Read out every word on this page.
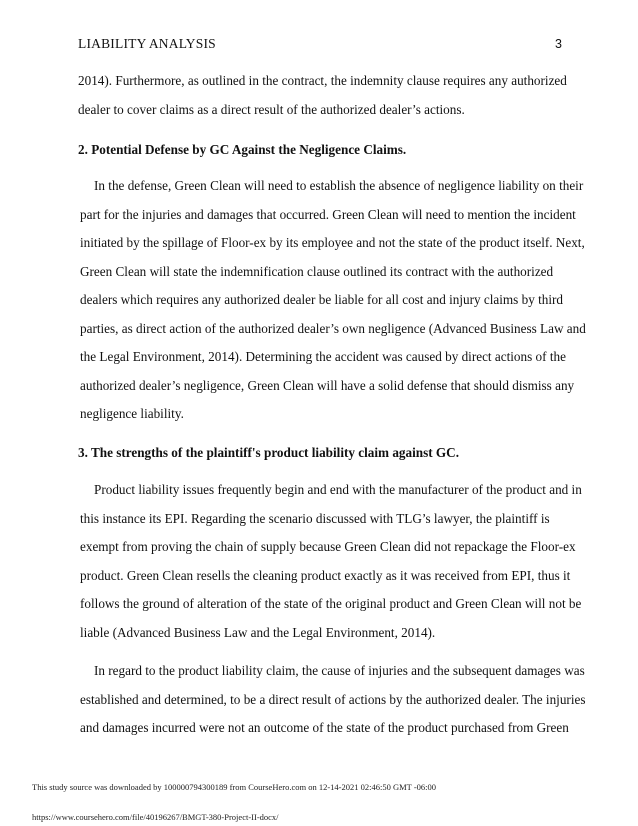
LIABILITY ANALYSIS	3
2014). Furthermore, as outlined in the contract, the indemnity clause requires any authorized
dealer to cover claims as a direct result of the authorized dealer’s actions.
2. Potential Defense by GC Against the Negligence Claims.
In the defense, Green Clean will need to establish the absence of negligence liability on their
part for the injuries and damages that occurred. Green Clean will need to mention the incident
initiated by the spillage of Floor-ex by its employee and not the state of the product itself. Next,
Green Clean will state the indemnification clause outlined its contract with the authorized
dealers which requires any authorized dealer be liable for all cost and injury claims by third
parties, as direct action of the authorized dealer’s own negligence (Advanced Business Law and
the Legal Environment, 2014). Determining the accident was caused by direct actions of the
authorized dealer’s negligence, Green Clean will have a solid defense that should dismiss any
negligence liability.
3. The strengths of the plaintiff's product liability claim against GC.
Product liability issues frequently begin and end with the manufacturer of the product and in
this instance its EPI. Regarding the scenario discussed with TLG’s lawyer, the plaintiff is
exempt from proving the chain of supply because Green Clean did not repackage the Floor-ex
product. Green Clean resells the cleaning product exactly as it was received from EPI, thus it
follows the ground of alteration of the state of the original product and Green Clean will not be
liable (Advanced Business Law and the Legal Environment, 2014).
In regard to the product liability claim, the cause of injuries and the subsequent damages was
established and determined, to be a direct result of actions by the authorized dealer. The injuries
and damages incurred were not an outcome of the state of the product purchased from Green
This study source was downloaded by 100000794300189 from CourseHero.com on 12-14-2021 02:46:50 GMT -06:00
https://www.coursehero.com/file/40196267/BMGT-380-Project-II-docx/
